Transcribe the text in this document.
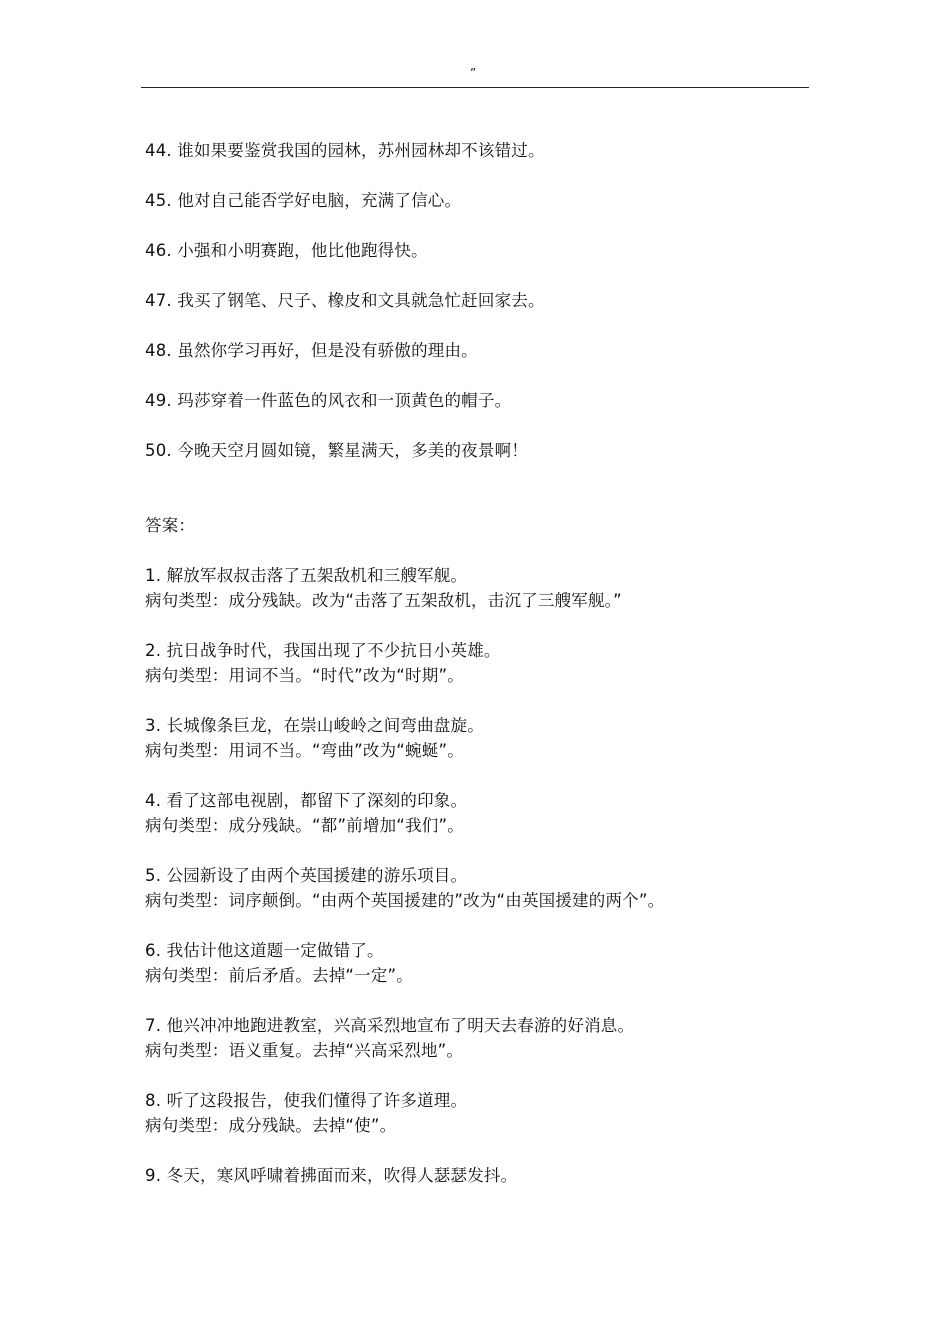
”
44. 谁如果要鉴赏我国的园林，苏州园林却不该错过。
45. 他对自己能否学好电脑，充满了信心。
46. 小强和小明赛跑，他比他跑得快。
47. 我买了钢笔、尺子、橡皮和文具就急忙赶回家去。
48. 虽然你学习再好，但是没有骄傲的理由。
49. 玛莎穿着一件蓝色的风衣和一顶黄色的帽子。
50. 今晚天空月圆如镜，繁星满天，多美的夜景啊！
答案：
1. 解放军叔叔击落了五架敌机和三艘军舰。
病句类型：成分残缺。改为“击落了五架敌机，击沉了三艘军舰。”
2. 抗日战争时代，我国出现了不少抗日小英雄。
病句类型：用词不当。“时代”改为“时期”。
3. 长城像条巨龙，在崇山峻岭之间弯曲盘旋。
病句类型：用词不当。“弯曲”改为“蜿蜒”。
4. 看了这部电视剧，都留下了深刻的印象。
病句类型：成分残缺。“都”前增加“我们”。
5. 公园新设了由两个英国援建的游乐项目。
病句类型：词序颠倒。“由两个英国援建的”改为“由英国援建的两个”。
6. 我估计他这道题一定做错了。
病句类型：前后矛盾。去掉“一定”。
7. 他兴冲冲地跑进教室，兴高采烈地宣布了明天去春游的好消息。
病句类型：语义重复。去掉“兴高采烈地”。
8. 听了这段报告，使我们懂得了许多道理。
病句类型：成分残缺。去掉“使”。
9. 冬天，寒风呼啸着拂面而来，吹得人瑟瑟发抖。
